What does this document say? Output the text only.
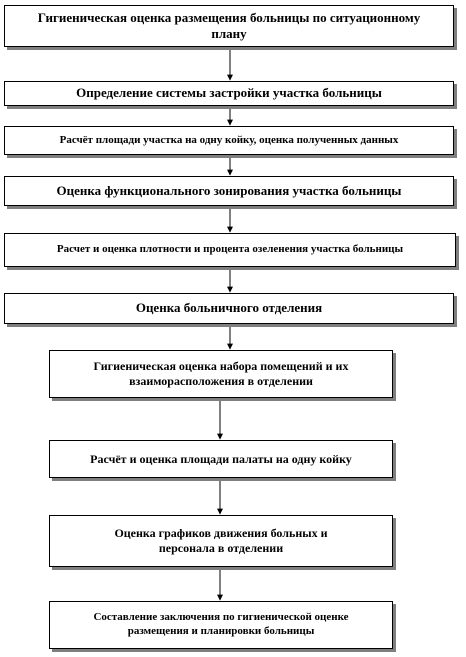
Гигиеническая оценка размещения больницы по ситуационному плану
Определение системы застройки участка больницы
Расчёт площади участка на одну койку, оценка полученных данных
Оценка функционального зонирования участка больницы
Расчет и оценка плотности и процента озеленения участка больницы
Оценка больничного отделения
Гигиеническая оценка набора помещений и их взаиморасположения в отделении
Расчёт и оценка площади палаты на одну койку
Оценка графиков движения больных и персонала в отделении
Составление заключения по гигиенической оценке размещения и планировки больницы
